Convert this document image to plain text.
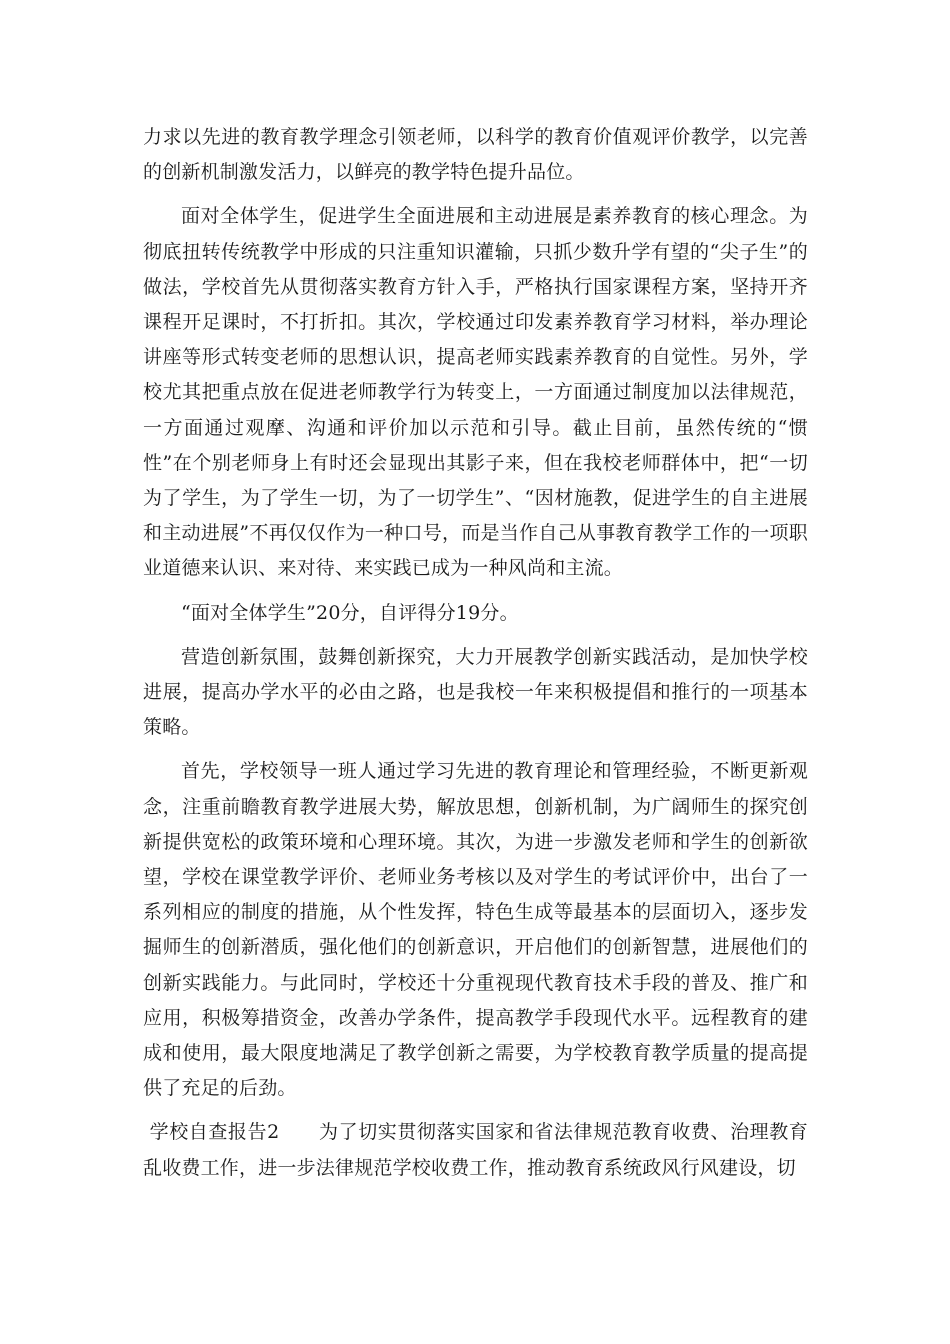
力求以先进的教育教学理念引领老师，以科学的教育价值观评价教学，以完善的创新机制激发活力，以鲜亮的教学特色提升品位。

面对全体学生，促进学生全面进展和主动进展是素养教育的核心理念。为彻底扭转传统教学中形成的只注重知识灌输，只抓少数升学有望的“尖子生”的做法，学校首先从贯彻落实教育方针入手，严格执行国家课程方案，坚持开齐课程开足课时，不打折扣。其次，学校通过印发素养教育学习材料，举办理论讲座等形式转变老师的思想认识，提高老师实践素养教育的自觉性。另外，学校尤其把重点放在促进老师教学行为转变上，一方面通过制度加以法律规范，一方面通过观摩、沟通和评价加以示范和引导。截止目前，虽然传统的“惯性”在个别老师身上有时还会显现出其影子来，但在我校老师群体中，把“一切为了学生，为了学生一切，为了一切学生”、“因材施教，促进学生的自主进展和主动进展”不再仅仅作为一种口号，而是当作自己从事教育教学工作的一项职业道德来认识、来对待、来实践已成为一种风尚和主流。

“面对全体学生”20分，自评得分19分。

营造创新氛围，鼓舞创新探究，大力开展教学创新实践活动，是加快学校进展，提高办学水平的必由之路，也是我校一年来积极提倡和推行的一项基本策略。

首先，学校领导一班人通过学习先进的教育理论和管理经验，不断更新观念，注重前瞻教育教学进展大势，解放思想，创新机制，为广阔师生的探究创新提供宽松的政策环境和心理环境。其次，为进一步激发老师和学生的创新欲望，学校在课堂教学评价、老师业务考核以及对学生的考试评价中，出台了一系列相应的制度的措施，从个性发挥，特色生成等最基本的层面切入，逐步发掘师生的创新潜质，强化他们的创新意识，开启他们的创新智慧，进展他们的创新实践能力。与此同时，学校还十分重视现代教育技术手段的普及、推广和应用，积极筹措资金，改善办学条件，提高教学手段现代水平。远程教育的建成和使用，最大限度地满足了教学创新之需要，为学校教育教学质量的提高提供了充足的后劲。

学校自查报告2 为了切实贯彻落实国家和省法律规范教育收费、治理教育乱收费工作，进一步法律规范学校收费工作，推动教育系统政风行风建设，切
